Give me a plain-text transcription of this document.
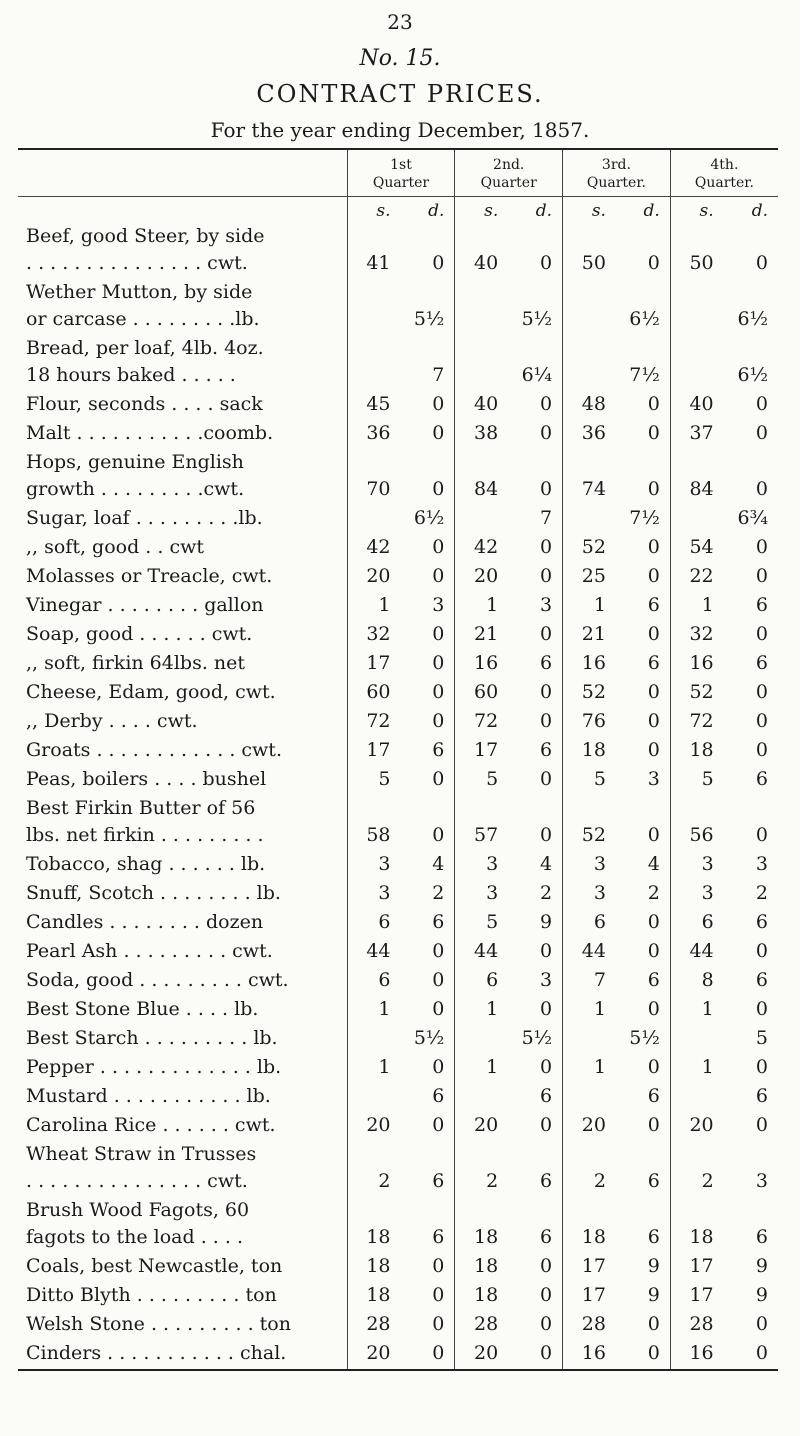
23
No. 15.
CONTRACT PRICES.
For the year ending December, 1857.
	1st
Quarter		2nd.
Quarter		3rd.
Quarter.		4th.
Quarter.	
	s.	d.	s.	d.	s.	d.	s.	d.
Beef, good Steer, by side
. . . . . . . . . . . . . . . cwt.	41	0	40	0	50	0	50	0
Wether Mutton, by side
or carcase . . . . . . . . .lb.		5½		5½		6½		6½
Bread, per loaf, 4lb. 4oz.
18 hours baked . . . . .		7		6¼		7½		6½
Flour, seconds . . . . sack	45	0	40	0	48	0	40	0
Malt . . . . . . . . . . .coomb.	36	0	38	0	36	0	37	0
Hops, genuine English
growth . . . . . . . . .cwt.	70	0	84	0	74	0	84	0
Sugar, loaf . . . . . . . . .lb.		6½		7		7½		6¾
,, soft, good . . cwt	42	0	42	0	52	0	54	0
Molasses or Treacle, cwt.	20	0	20	0	25	0	22	0
Vinegar . . . . . . . . gallon	1	3	1	3	1	6	1	6
Soap, good . . . . . . cwt.	32	0	21	0	21	0	32	0
,, soft, firkin 64lbs. net	17	0	16	6	16	6	16	6
Cheese, Edam, good, cwt.	60	0	60	0	52	0	52	0
,, Derby . . . . cwt.	72	0	72	0	76	0	72	0
Groats . . . . . . . . . . . . cwt.	17	6	17	6	18	0	18	0
Peas, boilers . . . . bushel	5	0	5	0	5	3	5	6
Best Firkin Butter of 56
lbs. net firkin . . . . . . . . .	58	0	57	0	52	0	56	0
Tobacco, shag . . . . . . lb.	3	4	3	4	3	4	3	3
Snuff, Scotch . . . . . . . . lb.	3	2	3	2	3	2	3	2
Candles . . . . . . . . dozen	6	6	5	9	6	0	6	6
Pearl Ash . . . . . . . . . cwt.	44	0	44	0	44	0	44	0
Soda, good . . . . . . . . . cwt.	6	0	6	3	7	6	8	6
Best Stone Blue . . . . lb.	1	0	1	0	1	0	1	0
Best Starch . . . . . . . . . lb.		5½		5½		5½		5
Pepper . . . . . . . . . . . . . lb.	1	0	1	0	1	0	1	0
Mustard . . . . . . . . . . . lb.		6		6		6		6
Carolina Rice . . . . . . cwt.	20	0	20	0	20	0	20	0
Wheat Straw in Trusses
. . . . . . . . . . . . . . . cwt.	2	6	2	6	2	6	2	3
Brush Wood Fagots, 60
fagots to the load . . . .	18	6	18	6	18	6	18	6
Coals, best Newcastle, ton	18	0	18	0	17	9	17	9
Ditto Blyth . . . . . . . . . ton	18	0	18	0	17	9	17	9
Welsh Stone . . . . . . . . . ton	28	0	28	0	28	0	28	0
Cinders . . . . . . . . . . . chal.	20	0	20	0	16	0	16	0
